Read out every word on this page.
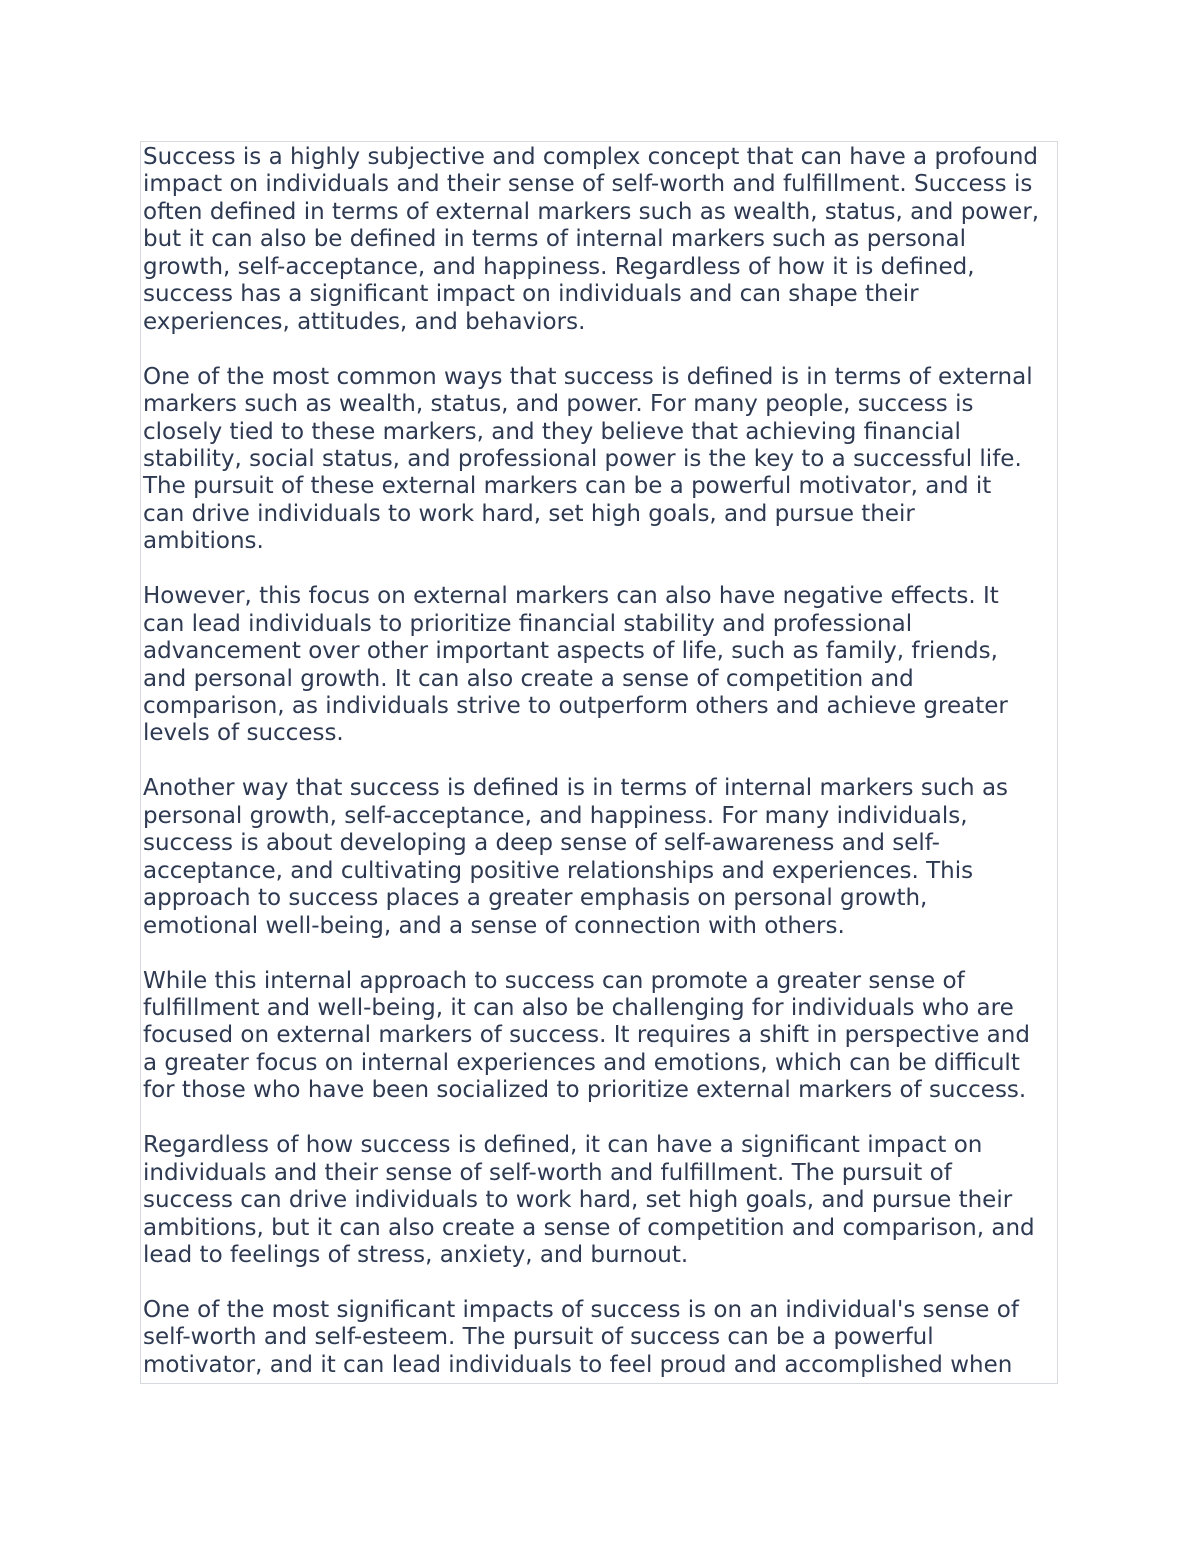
Success is a highly subjective and complex concept that can have a profound
impact on individuals and their sense of self-worth and fulfillment. Success is
often defined in terms of external markers such as wealth, status, and power,
but it can also be defined in terms of internal markers such as personal
growth, self-acceptance, and happiness. Regardless of how it is defined,
success has a significant impact on individuals and can shape their
experiences, attitudes, and behaviors.
One of the most common ways that success is defined is in terms of external
markers such as wealth, status, and power. For many people, success is
closely tied to these markers, and they believe that achieving financial
stability, social status, and professional power is the key to a successful life.
The pursuit of these external markers can be a powerful motivator, and it
can drive individuals to work hard, set high goals, and pursue their
ambitions.
However, this focus on external markers can also have negative effects. It
can lead individuals to prioritize financial stability and professional
advancement over other important aspects of life, such as family, friends,
and personal growth. It can also create a sense of competition and
comparison, as individuals strive to outperform others and achieve greater
levels of success.
Another way that success is defined is in terms of internal markers such as
personal growth, self-acceptance, and happiness. For many individuals,
success is about developing a deep sense of self-awareness and self-
acceptance, and cultivating positive relationships and experiences. This
approach to success places a greater emphasis on personal growth,
emotional well-being, and a sense of connection with others.
While this internal approach to success can promote a greater sense of
fulfillment and well-being, it can also be challenging for individuals who are
focused on external markers of success. It requires a shift in perspective and
a greater focus on internal experiences and emotions, which can be difficult
for those who have been socialized to prioritize external markers of success.
Regardless of how success is defined, it can have a significant impact on
individuals and their sense of self-worth and fulfillment. The pursuit of
success can drive individuals to work hard, set high goals, and pursue their
ambitions, but it can also create a sense of competition and comparison, and
lead to feelings of stress, anxiety, and burnout.
One of the most significant impacts of success is on an individual's sense of
self-worth and self-esteem. The pursuit of success can be a powerful
motivator, and it can lead individuals to feel proud and accomplished when
